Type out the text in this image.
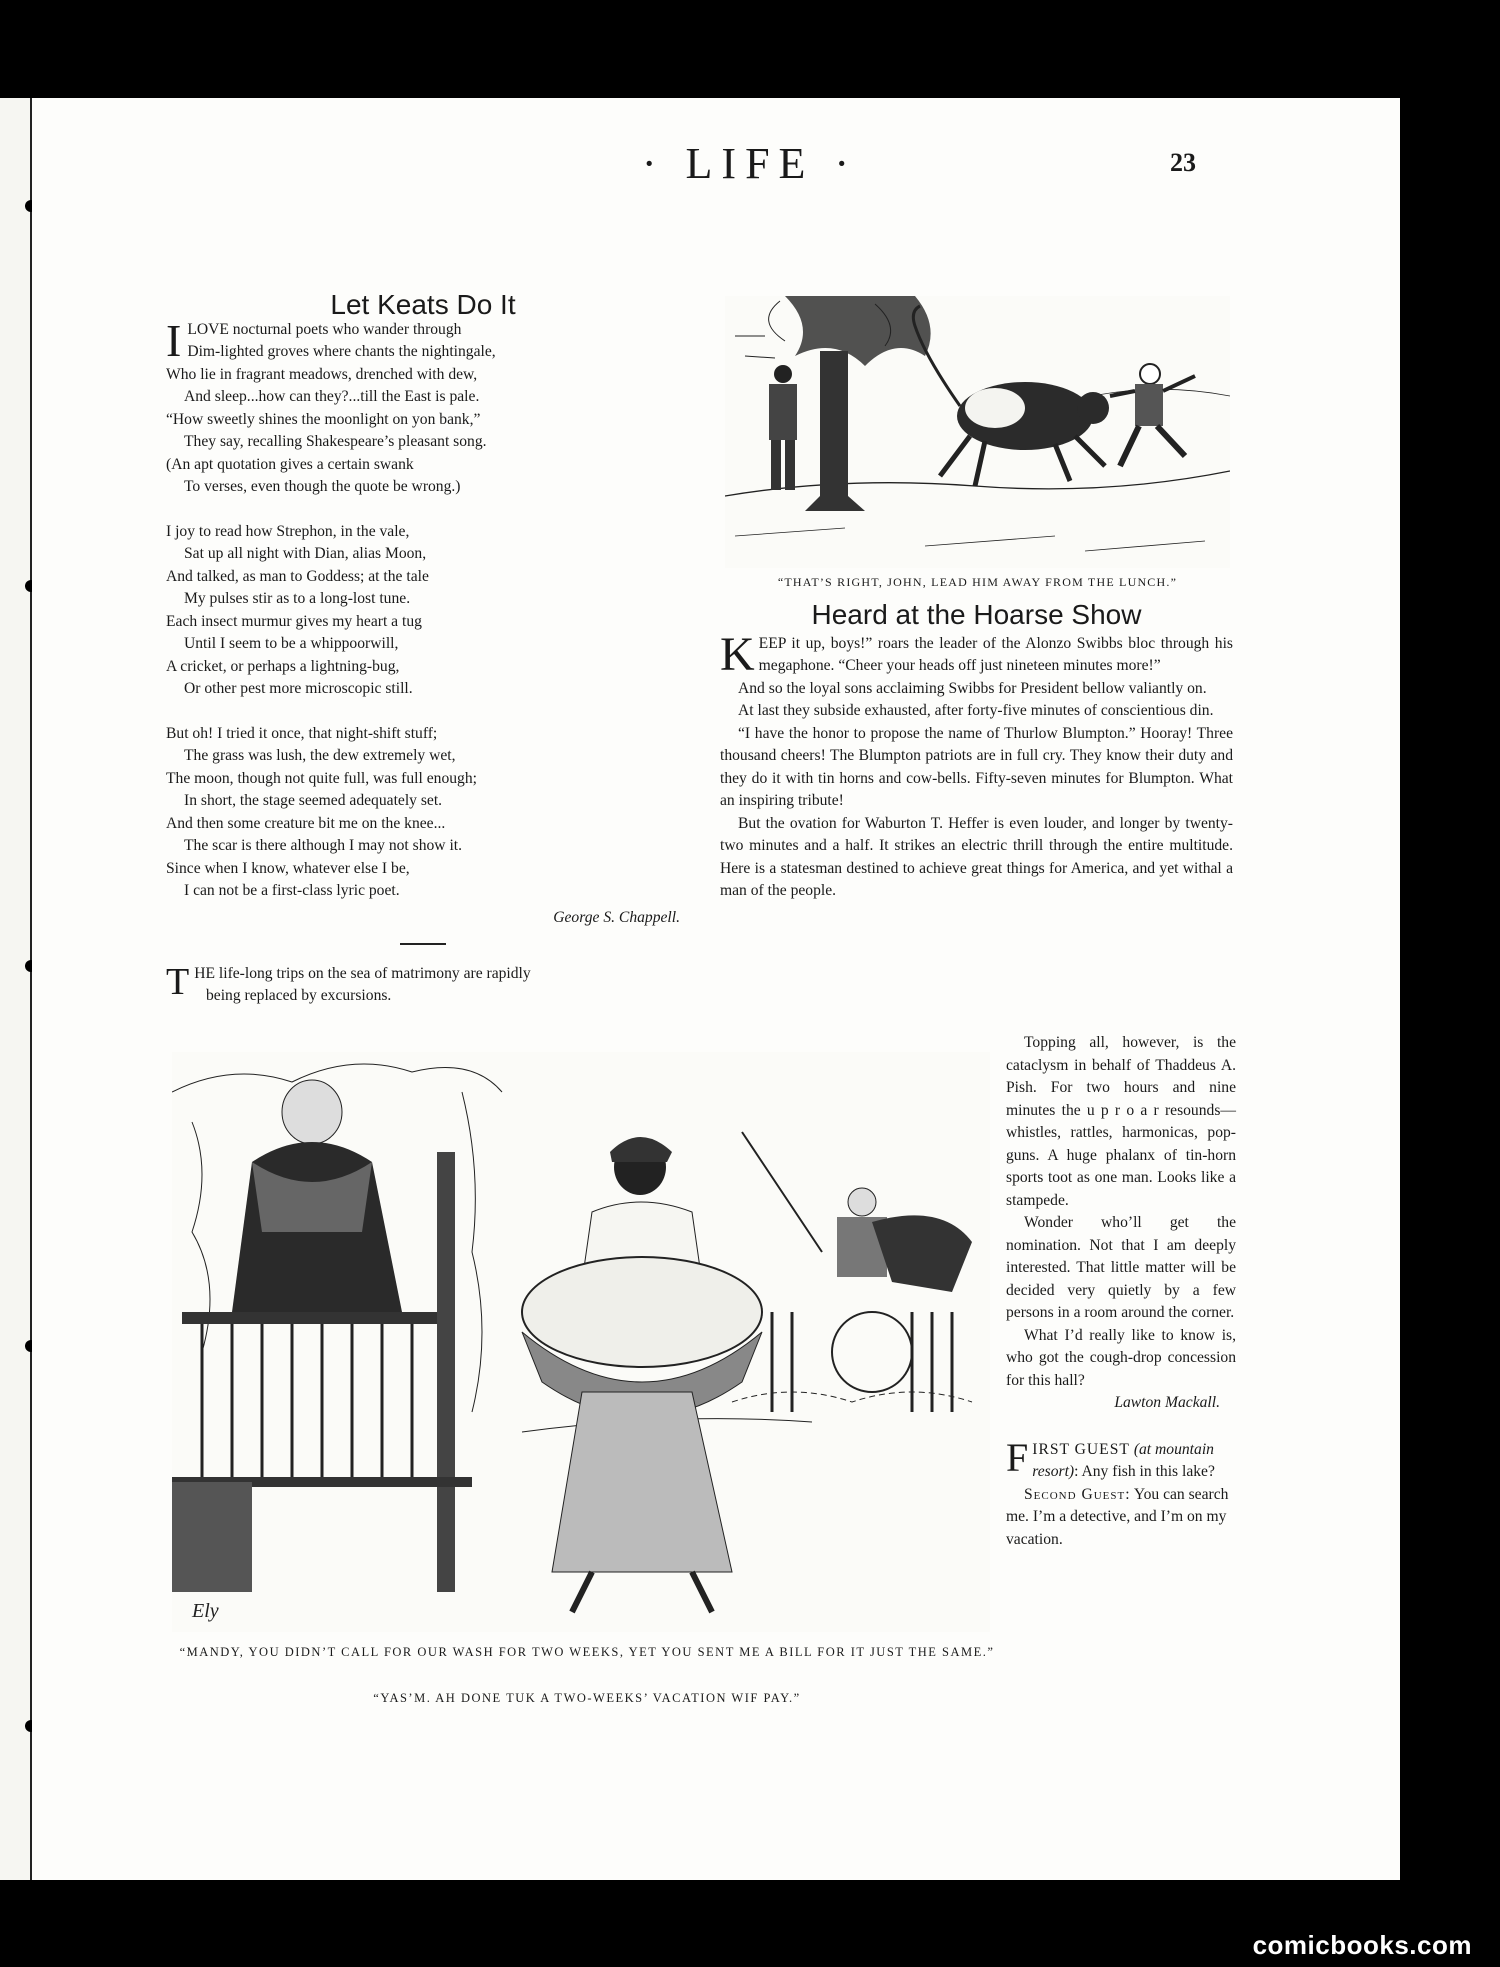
· LIFE ·	23
Let Keats Do It
ILOVE nocturnal poets who wander through
Dim-lighted groves where chants the nightingale,
Who lie in fragrant meadows, drenched with dew,
And sleep...how can they?...till the East is pale.
“How sweetly shines the moonlight on yon bank,”
They say, recalling Shakespeare’s pleasant song.
(An apt quotation gives a certain swank
To verses, even though the quote be wrong.)
I joy to read how Strephon, in the vale,
Sat up all night with Dian, alias Moon,
And talked, as man to Goddess; at the tale
My pulses stir as to a long-lost tune.
Each insect murmur gives my heart a tug
Until I seem to be a whippoorwill,
A cricket, or perhaps a lightning-bug,
Or other pest more microscopic still.
But oh! I tried it once, that night-shift stuff;
The grass was lush, the dew extremely wet,
The moon, though not quite full, was full enough;
In short, the stage seemed adequately set.
And then some creature bit me on the knee...
The scar is there although I may not show it.
Since when I know, whatever else I be,
I can not be a first-class lyric poet.
George S. Chappell.
T HE life-long trips on the sea of matrimony are rapidly
being replaced by excursions.
“THAT’S RIGHT, JOHN, LEAD HIM AWAY FROM THE LUNCH.”
Heard at the Hoarse Show

KEEP it up, boys!” roars the leader of the Alonzo Swibbs bloc through his megaphone. “Cheer your heads off just nineteen minutes more!”

And so the loyal sons acclaiming Swibbs for President bellow valiantly on.

At last they subside exhausted, after forty-five minutes of conscientious din.

“I have the honor to propose the name of Thurlow Blumpton.” Hooray! Three thousand cheers! The Blumpton patriots are in full cry. They know their duty and they do it with tin horns and cow-bells. Fifty-seven minutes for Blumpton. What an inspiring tribute!

But the ovation for Waburton T. Heffer is even louder, and longer by twenty-two minutes and a half. It strikes an electric thrill through the entire multitude. Here is a statesman destined to achieve great things for America, and yet withal a man of the people.

Topping all, however, is the cataclysm in behalf of Thaddeus A. Pish. For two hours and nine minutes the u p r o a r resounds—whistles, rattles, harmonicas, pop-guns. A huge phalanx of tin-horn sports toot as one man. Looks like a stampede.

Wonder who’ll get the nomination. Not that I am deeply interested. That little matter will be decided very quietly by a few persons in a room around the corner.

What I’d really like to know is, who got the cough-drop concession for this hall?

Lawton Mackall.
FIRST GUEST (at mountain resort): Any fish in this lake?
Second Guest: You can search me. I’m a detective, and I’m on my vacation.
Ely
“MANDY, YOU DIDN’T CALL FOR OUR WASH FOR TWO WEEKS, YET YOU SENT ME A BILL FOR IT JUST THE SAME.”
“YAS’M. AH DONE TUK A TWO-WEEKS’ VACATION WIF PAY.”
comicbooks.com
